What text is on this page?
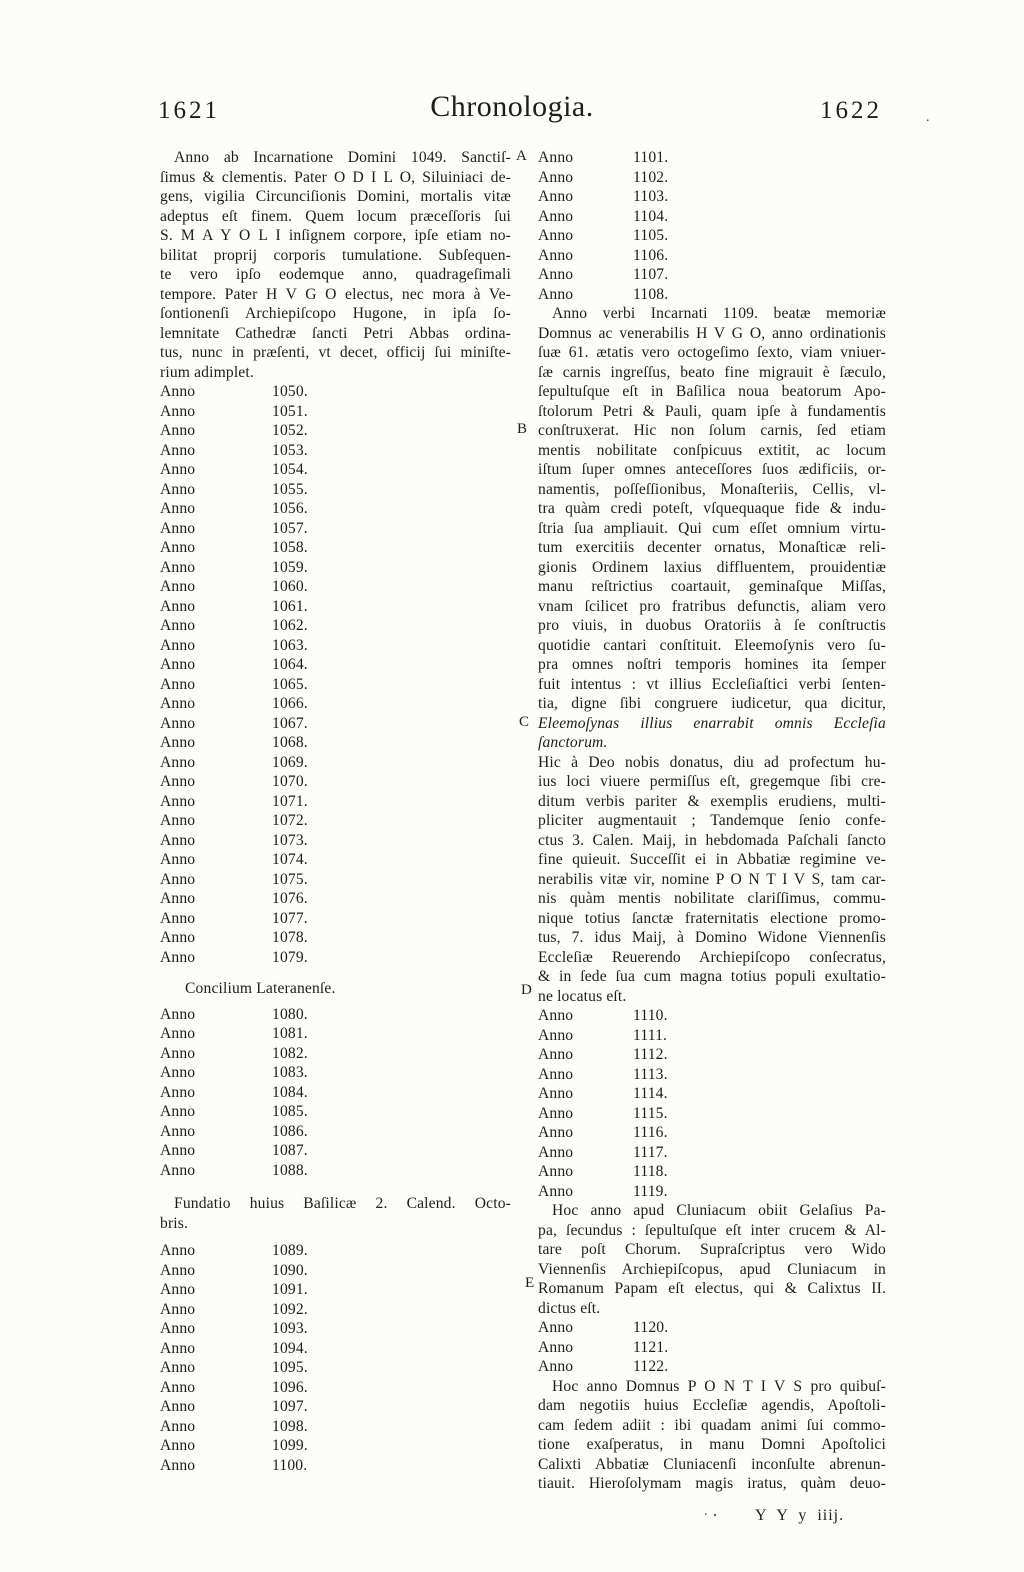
1621	Chronologia.	1622	.
.
Anno ab Incarnatione Domini 1049. Sanctiſ-
ſimus & clementis. Pater O D I L O, Siluiniaci de-
gens, vigilia Circunciſionis Domini, mortalis vitæ
adeptus eſt finem. Quem locum præceſſoris ſui
S. M A Y O L I inſignem corpore, ipſe etiam no-
bilitat proprij corporis tumulatione. Subſequen-
te vero ipſo eodemque anno, quadrageſimali
tempore. Pater H V G O electus, nec mora à Ve-
ſontionenſi Archiepiſcopo Hugone, in ipſa ſo-
lemnitate Cathedræ ſancti Petri Abbas ordina-
tus, nunc in præſenti, vt decet, officij ſui miniſte-
rium adimplet.
Anno	1050.
Anno	1051.
Anno	1052.
Anno	1053.
Anno	1054.
Anno	1055.
Anno	1056.
Anno	1057.
Anno	1058.
Anno	1059.
Anno	1060.
Anno	1061.
Anno	1062.
Anno	1063.
Anno	1064.
Anno	1065.
Anno	1066.
Anno	1067.
Anno	1068.
Anno	1069.
Anno	1070.
Anno	1071.
Anno	1072.
Anno	1073.
Anno	1074.
Anno	1075.
Anno	1076.
Anno	1077.
Anno	1078.
Anno	1079.
Concilium Lateranenſe.
Anno	1080.
Anno	1081.
Anno	1082.
Anno	1083.
Anno	1084.
Anno	1085.
Anno	1086.
Anno	1087.
Anno	1088.
Fundatio huius Baſilicæ 2. Calend. Octo-
bris.
Anno	1089.
Anno	1090.
Anno	1091.
Anno	1092.
Anno	1093.
Anno	1094.
Anno	1095.
Anno	1096.
Anno	1097.
Anno	1098.
Anno	1099.
Anno	1100.
A
B
C
D
E
Anno	1101.
Anno	1102.
Anno	1103.
Anno	1104.
Anno	1105.
Anno	1106.
Anno	1107.
Anno	1108.
Anno verbi Incarnati 1109. beatæ memoriæ
Domnus ac venerabilis H V G O, anno ordinationis
ſuæ 61. ætatis vero octogeſimo ſexto, viam vniuer-
ſæ carnis ingreſſus, beato fine migrauit è ſæculo,
ſepultuſque eſt in Baſilica noua beatorum Apo-
ſtolorum Petri & Pauli, quam ipſe à fundamentis
conſtruxerat. Hic non ſolum carnis, ſed etiam
mentis nobilitate conſpicuus extitit, ac locum
iſtum ſuper omnes anteceſſores ſuos ædificiis, or-
namentis, poſſeſſionibus, Monaſteriis, Cellis, vl-
tra quàm credi poteſt, vſquequaque fide & indu-
ſtria ſua ampliauit. Qui cum eſſet omnium virtu-
tum exercitiis decenter ornatus, Monaſticæ reli-
gionis Ordinem laxius diffluentem, prouidentiæ
manu reſtrictius coartauit, geminaſque Miſſas,
vnam ſcilicet pro fratribus defunctis, aliam vero
pro viuis, in duobus Oratoriis à ſe conſtructis
quotidie cantari conſtituit. Eleemoſynis vero ſu-
pra omnes noſtri temporis homines ita ſemper
fuit intentus : vt illius Eccleſiaſtici verbi ſenten-
tia, digne ſibi congruere iudicetur, qua dicitur,
Eleemoſynas illius enarrabit omnis Eccleſia ſanctorum.
Hic à Deo nobis donatus, diu ad profectum hu-
ius loci viuere permiſſus eſt, gregemque ſibi cre-
ditum verbis pariter & exemplis erudiens, multi-
pliciter augmentauit ; Tandemque ſenio confe-
ctus 3. Calen. Maij, in hebdomada Paſchali ſancto
fine quieuit. Succeſſit ei in Abbatiæ regimine ve-
nerabilis vitæ vir, nomine P O N T I V S, tam car-
nis quàm mentis nobilitate clariſſimus, commu-
nique totius ſanctæ fraternitatis electione promo-
tus, 7. idus Maij, à Domino Widone Viennenſis
Eccleſiæ Reuerendo Archiepiſcopo conſecratus,
& in ſede ſua cum magna totius populi exultatio-
ne locatus eſt.
Anno	1110.
Anno	1111.
Anno	1112.
Anno	1113.
Anno	1114.
Anno	1115.
Anno	1116.
Anno	1117.
Anno	1118.
Anno	1119.
Hoc anno apud Cluniacum obiit Gelaſius Pa-
pa, ſecundus : ſepultuſque eſt inter crucem & Al-
tare poſt Chorum. Supraſcriptus vero Wido
Viennenſis Archiepiſcopus, apud Cluniacum in
Romanum Papam eſt electus, qui & Calixtus II.
dictus eſt.
Anno	1120.
Anno	1121.
Anno	1122.
Hoc anno Domnus P O N T I V S pro quibuſ-
dam negotiis huius Eccleſiæ agendis, Apoſtoli-
cam ſedem adiit : ibi quadam animi ſui commo-
tione exaſperatus, in manu Domni Apoſtolici
Calixti Abbatiæ Cluniacenſi inconſulte abrenun-
tiauit. Hieroſolymam magis iratus, quàm deuo-
. Y Y y iiij.
